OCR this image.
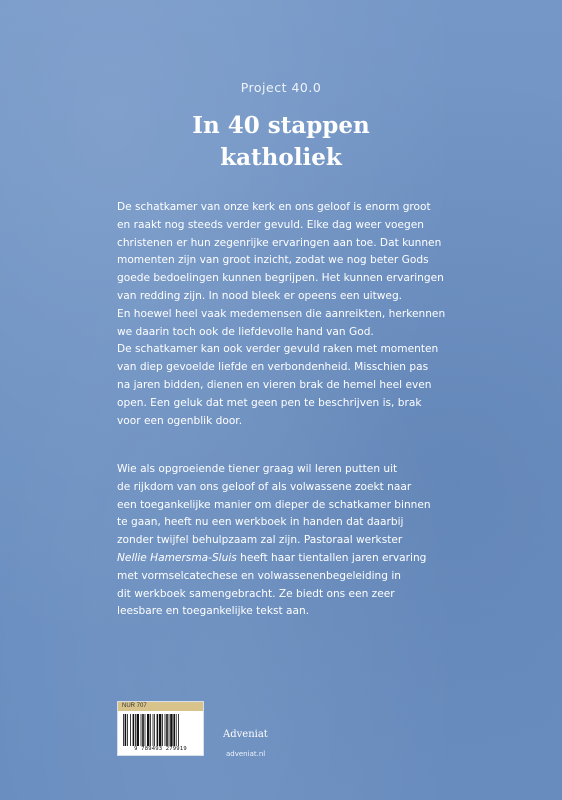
Project 40.0
In 40 stappen
katholiek
De schatkamer van onze kerk en ons geloof is enorm groot
en raakt nog steeds verder gevuld. Elke dag weer voegen
christenen er hun zegenrijke ervaringen aan toe. Dat kunnen
momenten zijn van groot inzicht, zodat we nog beter Gods
goede bedoelingen kunnen begrijpen. Het kunnen ervaringen
van redding zijn. In nood bleek er opeens een uitweg.
En hoewel heel vaak medemensen die aanreikten, herkennen
we daarin toch ook de liefdevolle hand van God.
De schatkamer kan ook verder gevuld raken met momenten
van diep gevoelde liefde en verbondenheid. Misschien pas
na jaren bidden, dienen en vieren brak de hemel heel even
open. Een geluk dat met geen pen te beschrijven is, brak
voor een ogenblik door.
Wie als opgroeiende tiener graag wil leren putten uit
de rijkdom van ons geloof of als volwassene zoekt naar
een toegankelijke manier om dieper de schatkamer binnen
te gaan, heeft nu een werkboek in handen dat daarbij
zonder twijfel behulpzaam zal zijn. Pastoraal werkster
Nellie Hamersma-Sluis heeft haar tientallen jaren ervaring
met vormselcatechese en volwassenenbegeleiding in
dit werkboek samengebracht. Ze biedt ons een zeer
leesbare en toegankelijke tekst aan.
NUR 707
9 789493 279919
Adveniat
adveniat.nl
